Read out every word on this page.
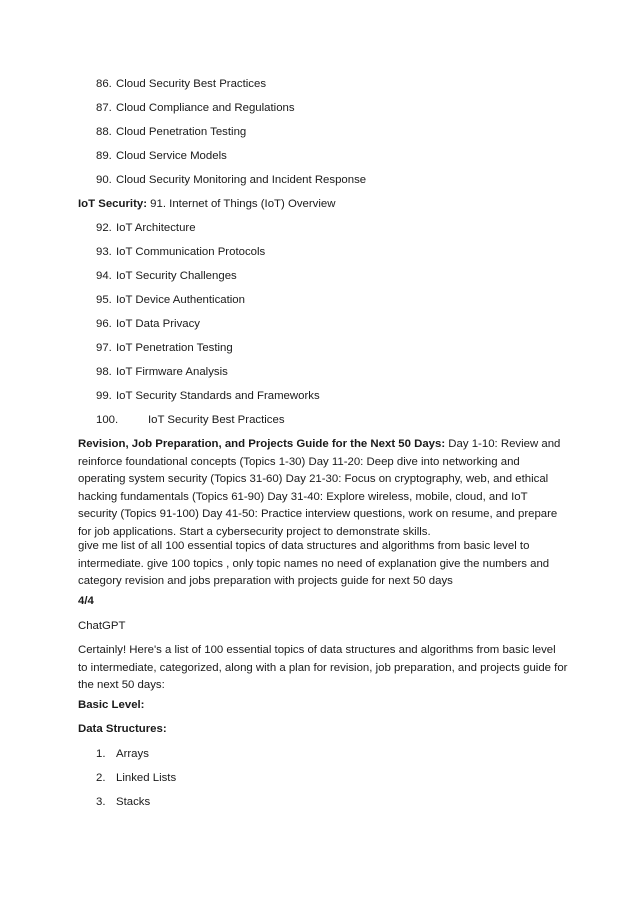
86. Cloud Security Best Practices
87. Cloud Compliance and Regulations
88. Cloud Penetration Testing
89. Cloud Service Models
90. Cloud Security Monitoring and Incident Response
IoT Security: 91. Internet of Things (IoT) Overview
92. IoT Architecture
93. IoT Communication Protocols
94. IoT Security Challenges
95. IoT Device Authentication
96. IoT Data Privacy
97. IoT Penetration Testing
98. IoT Firmware Analysis
99. IoT Security Standards and Frameworks
100.	IoT Security Best Practices

Revision, Job Preparation, and Projects Guide for the Next 50 Days: Day 1-10: Review and reinforce foundational concepts (Topics 1-30) Day 11-20: Deep dive into networking and operating system security (Topics 31-60) Day 21-30: Focus on cryptography, web, and ethical hacking fundamentals (Topics 61-90) Day 31-40: Explore wireless, mobile, cloud, and IoT security (Topics 91-100) Day 41-50: Practice interview questions, work on resume, and prepare for job applications. Start a cybersecurity project to demonstrate skills.

give me list of all 100 essential topics of data structures and algorithms from basic level to intermediate. give 100 topics , only topic names no need of explanation give the numbers and category revision and jobs preparation with projects guide for next 50 days

4/4
ChatGPT

Certainly! Here's a list of 100 essential topics of data structures and algorithms from basic level to intermediate, categorized, along with a plan for revision, job preparation, and projects guide for the next 50 days:

Basic Level:
Data Structures:
1. Arrays
2. Linked Lists
3. Stacks
